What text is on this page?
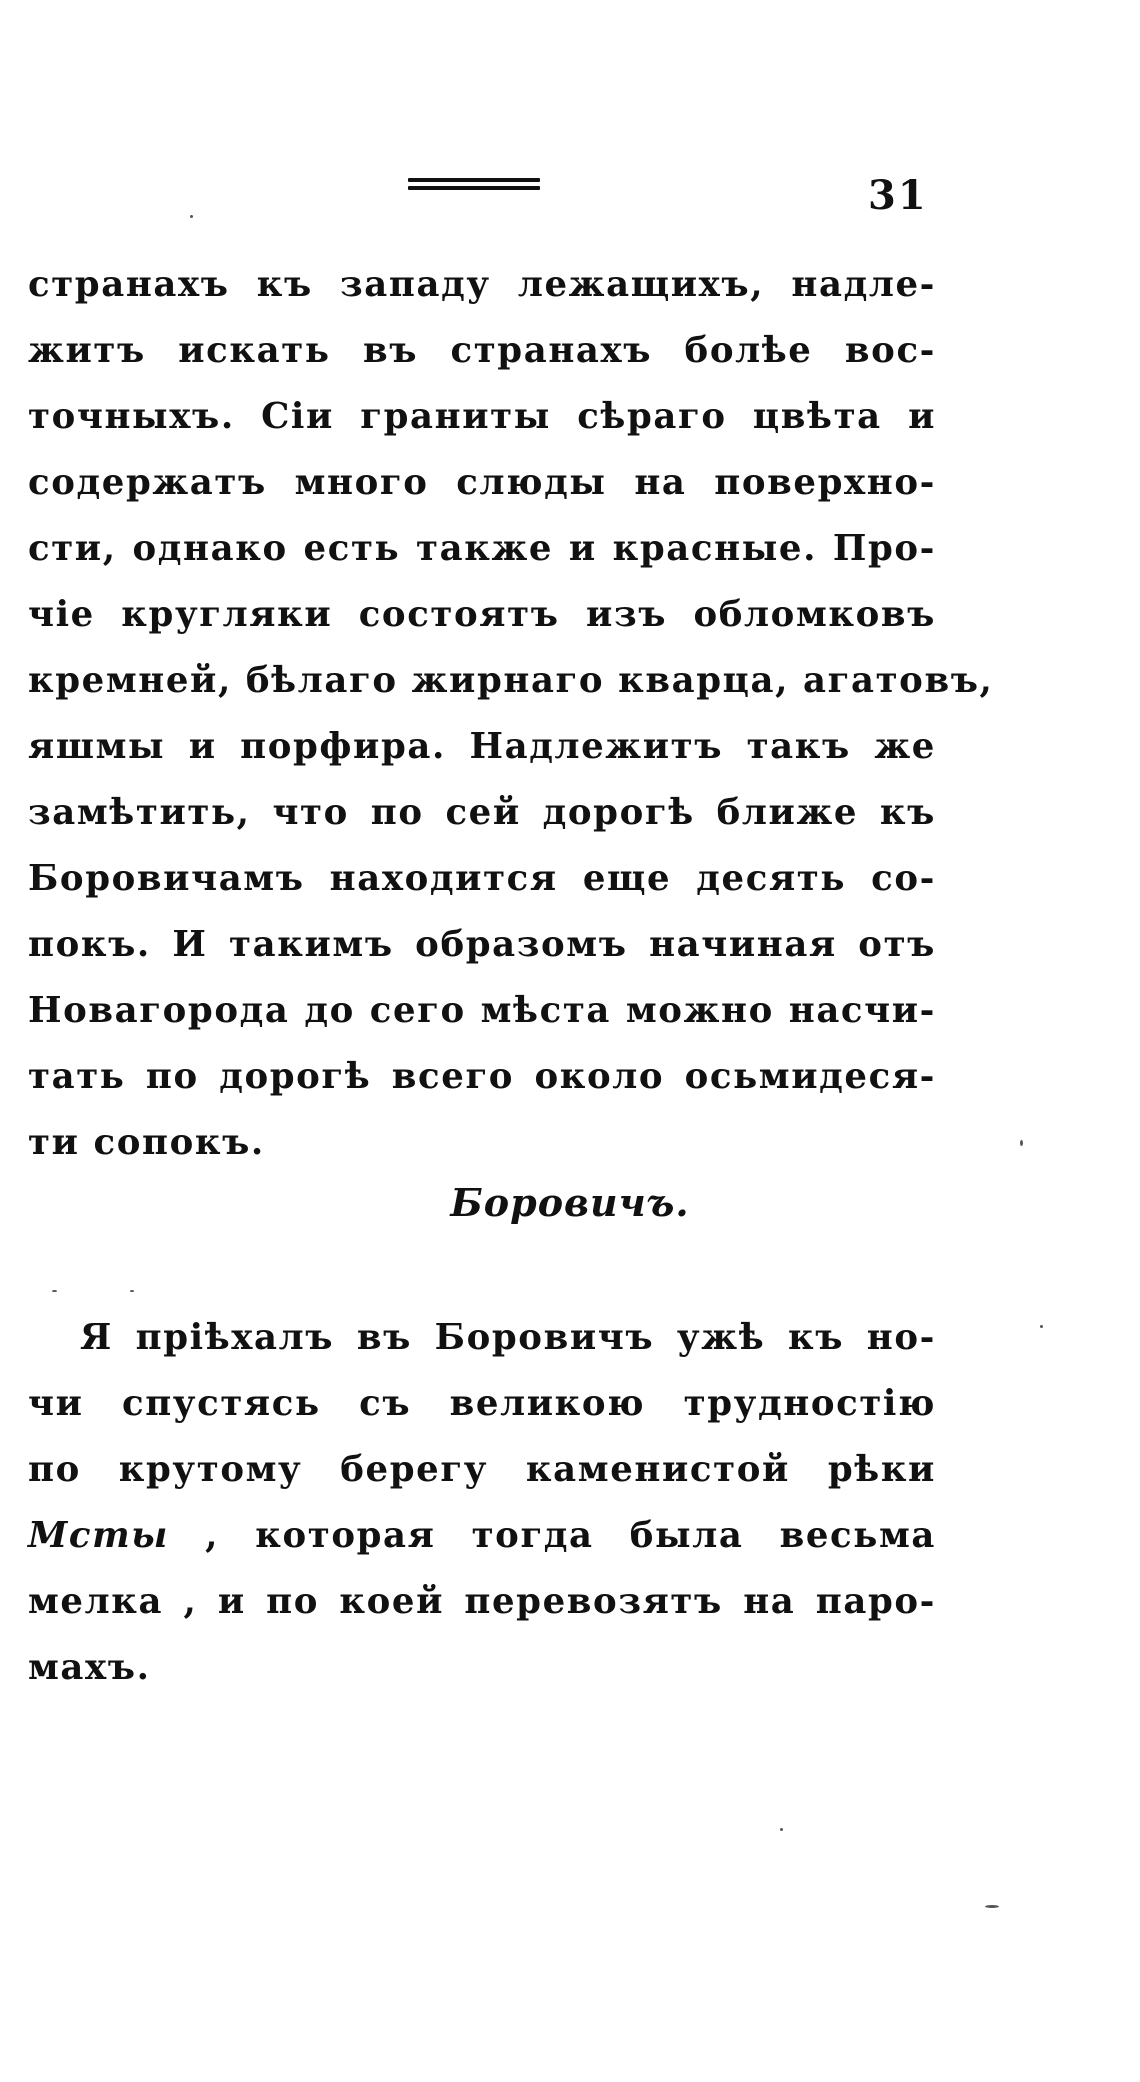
31
странахъ къ западу лежащихъ, надле-
житъ искать въ странахъ болѣе вос-
точныхъ. Сіи граниты сѣраго цвѣта и
содержатъ много слюды на поверхно-
сти, однако есть также и красные. Про-
чіе кругляки состоятъ изъ обломковъ
кремней, бѣлаго жирнаго кварца, агатовъ,
яшмы и порфира. Надлежитъ такъ же
замѣтить, что по сей дорогѣ ближе къ
Боровичамъ находится еще десять со-
покъ. И такимъ образомъ начиная отъ
Новагорода до сего мѣста можно насчи-
тать по дорогѣ всего около осьмидеся-
ти сопокъ.
Боровичъ.
Я пріѣхалъ въ Боровичъ ужѣ къ но-
чи спустясь съ великою трудностію
по крутому берегу каменистой рѣки
Мсты , которая тогда была весьма
мелка , и по коей перевозятъ на паро-
махъ.
